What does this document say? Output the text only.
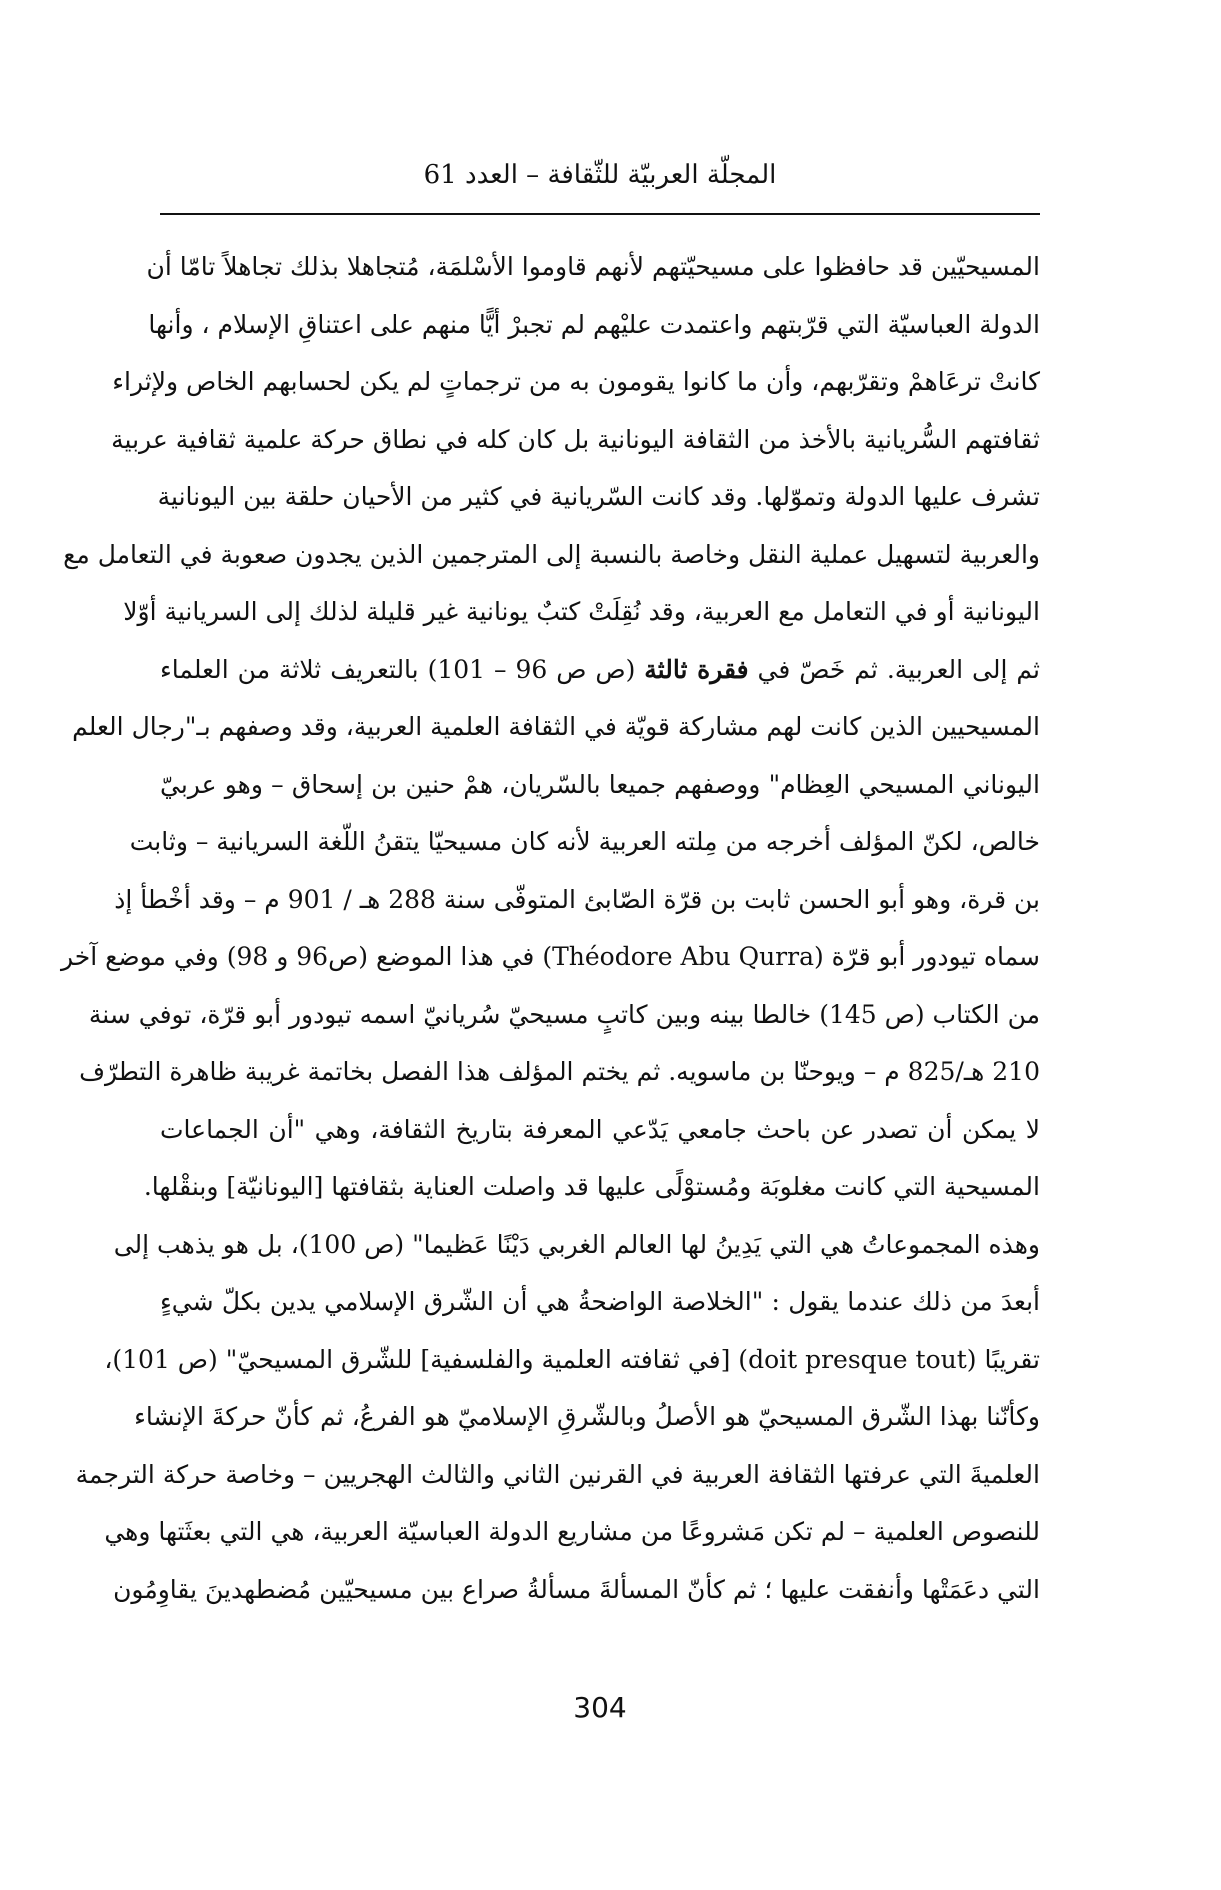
المجلّة العربيّة للثّقافة – العدد 61
المسيحيّين قد حافظوا على مسيحيّتهم لأنهم قاوموا الأسْلمَة، مُتجاهلا بذلك تجاهلاً تامّا أن
الدولة العباسيّة التي قرّبتهم واعتمدت عليْهم لم تجبرْ أيًّا منهم على اعتناقِ الإسلام ، وأنها
كانتْ ترعَاهمْ وتقرّبهم، وأن ما كانوا يقومون به من ترجماتٍ لم يكن لحسابهم الخاص ولإثراء
ثقافتهم السُّريانية بالأخذ من الثقافة اليونانية بل كان كله في نطاق حركة علمية ثقافية عربية
تشرف عليها الدولة وتموّلها. وقد كانت السّريانية في كثير من الأحيان حلقة بين اليونانية
والعربية لتسهيل عملية النقل وخاصة بالنسبة إلى المترجمين الذين يجدون صعوبة في التعامل مع
اليونانية أو في التعامل مع العربية، وقد نُقِلَتْ كتبٌ يونانية غير قليلة لذلك إلى السريانية أوّلا
ثم إلى العربية. ثم خَصّ في فقرة ثالثة (ص ص 96 – 101) بالتعريف ثلاثة من العلماء
المسيحيين الذين كانت لهم مشاركة قويّة في الثقافة العلمية العربية، وقد وصفهم بـ"رجال العلم
اليوناني المسيحي العِظام" ووصفهم جميعا بالسّريان، همْ حنين بن إسحاق – وهو عربيّ
خالص، لكنّ المؤلف أخرجه من مِلته العربية لأنه كان مسيحيّا يتقنُ اللّغة السريانية – وثابت
بن قرة، وهو أبو الحسن ثابت بن قرّة الصّابئ المتوفّى سنة 288 هـ / 901 م – وقد أخْطأ إذ
سماه تيودور أبو قرّة (Théodore Abu Qurra) في هذا الموضع (ص96 و 98) وفي موضع آخر
من الكتاب (ص 145) خالطا بينه وبين كاتبٍ مسيحيّ سُريانيّ اسمه تيودور أبو قرّة، توفي سنة
210 هـ/825 م – ويوحنّا بن ماسويه. ثم يختم المؤلف هذا الفصل بخاتمة غريبة ظاهرة التطرّف
لا يمكن أن تصدر عن باحث جامعي يَدّعي المعرفة بتاريخ الثقافة، وهي "أن الجماعات
المسيحية التي كانت مغلوبَة ومُستوْلًى عليها قد واصلت العناية بثقافتها [اليونانيّة] وبنقْلها.
وهذه المجموعاتُ هي التي يَدِينُ لها العالم الغربي دَيْنًا عَظيما" (ص 100)، بل هو يذهب إلى
أبعدَ من ذلك عندما يقول : "الخلاصة الواضحةُ هي أن الشّرق الإسلامي يدين بكلّ شيءٍ
تقريبًا (doit presque tout) [في ثقافته العلمية والفلسفية] للشّرق المسيحيّ" (ص 101)،
وكأنّنا بهذا الشّرق المسيحيّ هو الأصلُ وبالشّرقِ الإسلاميّ هو الفرعُ، ثم كأنّ حركةَ الإنشاء
العلميةَ التي عرفتها الثقافة العربية في القرنين الثاني والثالث الهجريين – وخاصة حركة الترجمة
للنصوص العلمية – لم تكن مَشروعًا من مشاريع الدولة العباسيّة العربية، هي التي بعثَتها وهي
التي دعَمَتْها وأنفقت عليها ؛ ثم كأنّ المسألةَ مسألةُ صراع بين مسيحيّين مُضطهدينَ يقاوِمُون
304
